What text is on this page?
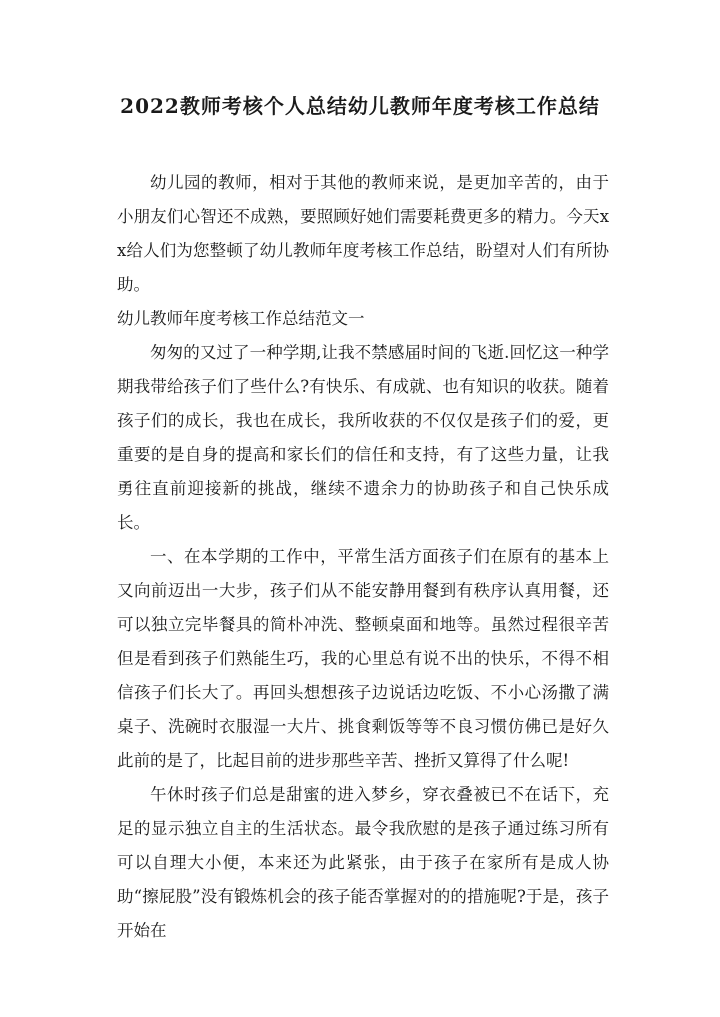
2022教师考核个人总结幼儿教师年度考核工作总结

幼儿园的教师，相对于其他的教师来说，是更加辛苦的，由于小朋友们心智还不成熟，要照顾好她们需要耗费更多的精力。今天xx给人们为您整顿了幼儿教师年度考核工作总结，盼望对人们有所协助。

幼儿教师年度考核工作总结范文一

匆匆的又过了一种学期,让我不禁感届时间的飞逝.回忆这一种学期我带给孩子们了些什么?有快乐、有成就、也有知识的收获。随着孩子们的成长，我也在成长，我所收获的不仅仅是孩子们的爱，更重要的是自身的提高和家长们的信任和支持，有了这些力量，让我勇往直前迎接新的挑战，继续不遗余力的协助孩子和自己快乐成长。

一、在本学期的工作中，平常生活方面孩子们在原有的基本上又向前迈出一大步，孩子们从不能安静用餐到有秩序认真用餐，还可以独立完毕餐具的简朴冲洗、整顿桌面和地等。虽然过程很辛苦但是看到孩子们熟能生巧，我的心里总有说不出的快乐，不得不相信孩子们长大了。再回头想想孩子边说话边吃饭、不小心汤撒了满桌子、洗碗时衣服湿一大片、挑食剩饭等等不良习惯仿佛已是好久此前的是了，比起目前的进步那些辛苦、挫折又算得了什么呢!

午休时孩子们总是甜蜜的进入梦乡，穿衣叠被已不在话下，充足的显示独立自主的生活状态。最令我欣慰的是孩子通过练习所有可以自理大小便，本来还为此紧张，由于孩子在家所有是成人协助“擦屁股”没有锻炼机会的孩子能否掌握对的的措施呢?于是，孩子开始在
